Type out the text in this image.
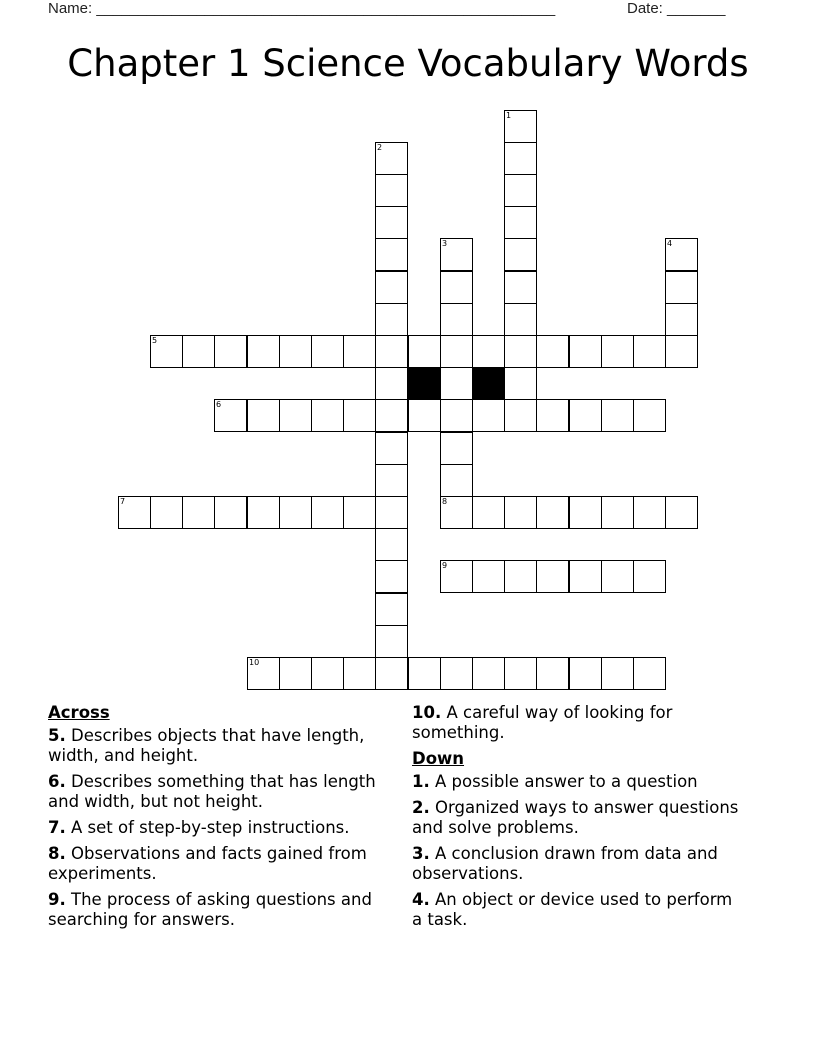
Name: _______________________________________________________	Date: _______
Chapter 1 Science Vocabulary Words
1
2
3
8
4
5
6
7
9
10
Across
5. Describes objects that have length, width, and height.
6. Describes something that has length and width, but not height.
7. A set of step-by-step instructions.
8. Observations and facts gained from experiments.
9. The process of asking questions and searching for answers.
10. A careful way of looking for something.
Down
1. A possible answer to a question
2. Organized ways to answer questions and solve problems.
3. A conclusion drawn from data and observations.
4. An object or device used to perform a task.
